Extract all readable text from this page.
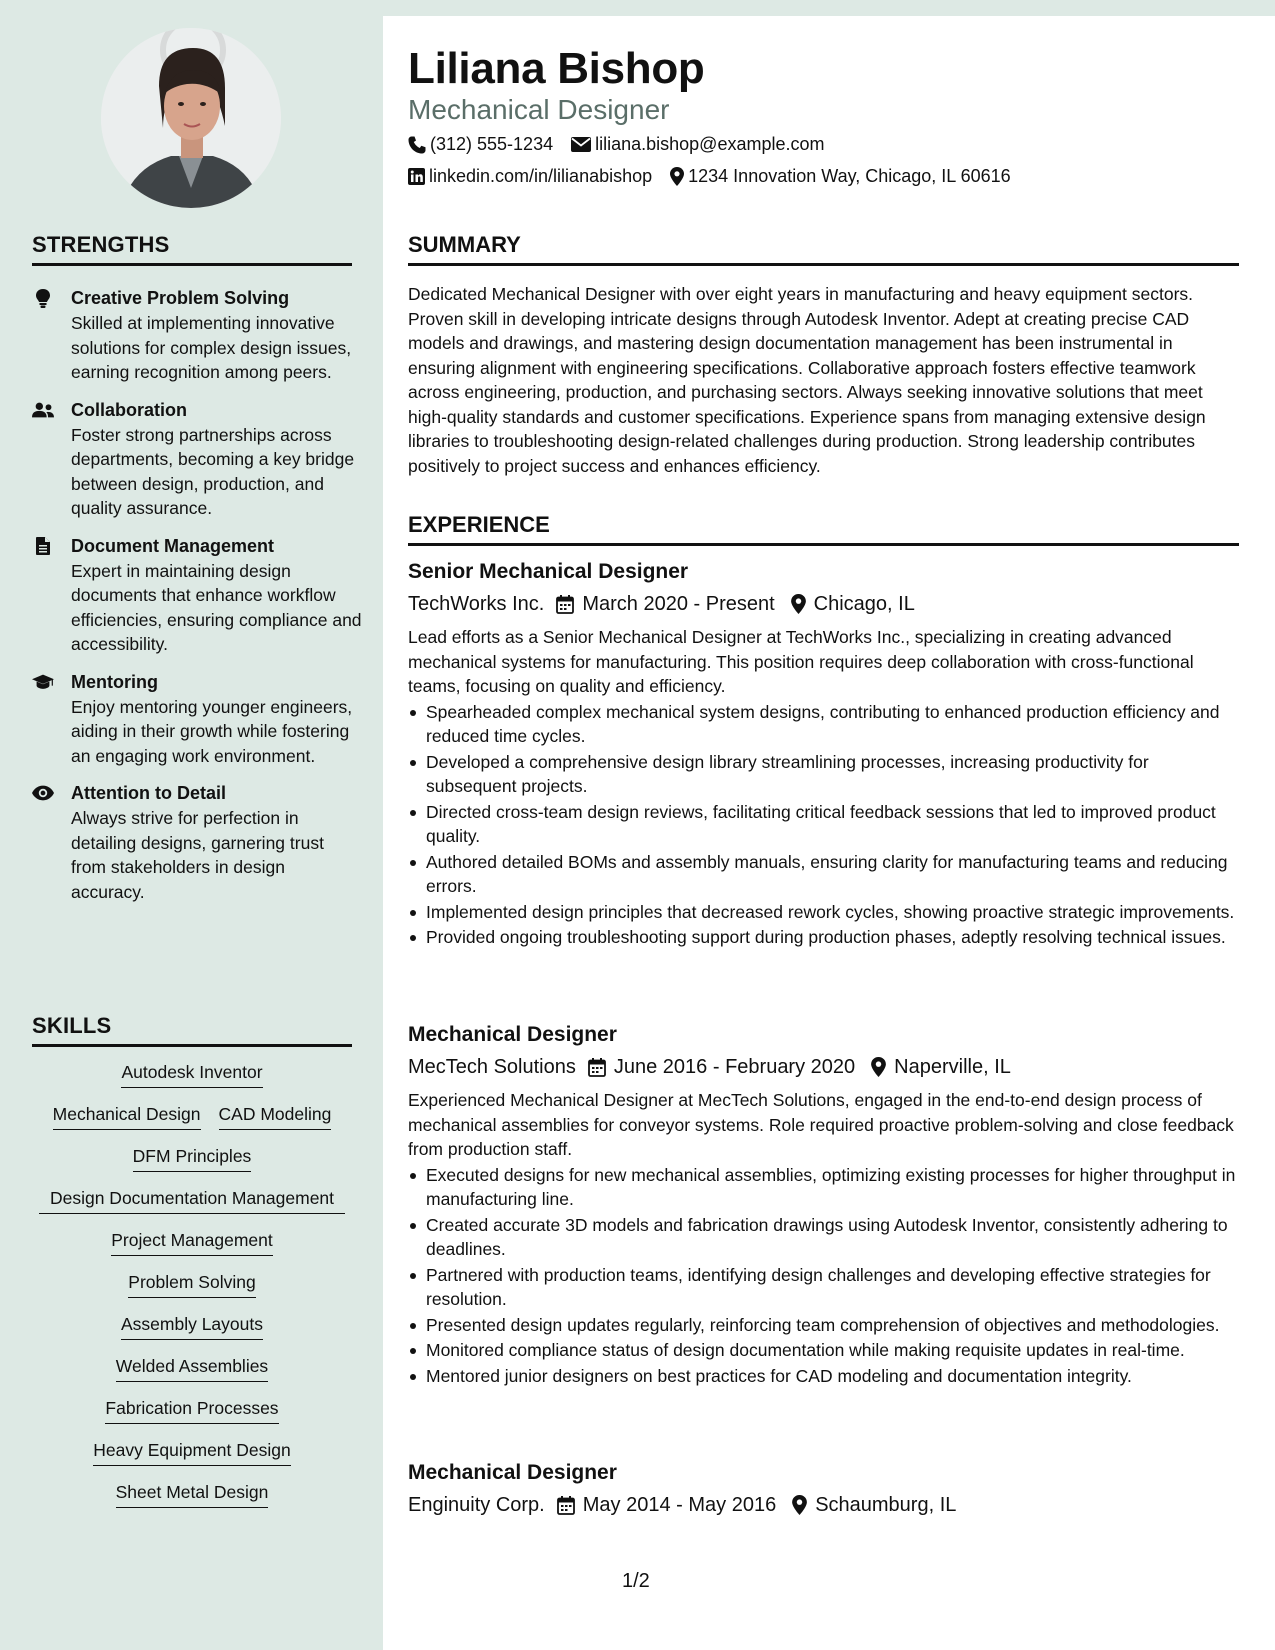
STRENGTHS
Creative Problem Solving
Skilled at implementing innovative solutions for complex design issues, earning recognition among peers.
Collaboration
Foster strong partnerships across departments, becoming a key bridge between design, production, and quality assurance.
Document Management
Expert in maintaining design documents that enhance workflow efficiencies, ensuring compliance and accessibility.
Mentoring
Enjoy mentoring younger engineers, aiding in their growth while fostering an engaging work environment.
Attention to Detail
Always strive for perfection in detailing designs, garnering trust from stakeholders in design accuracy.
SKILLS
Autodesk Inventor
Mechanical Design CAD Modeling
DFM Principles
Design Documentation Management
Project Management
Problem Solving
Assembly Layouts
Welded Assemblies
Fabrication Processes
Heavy Equipment Design
Sheet Metal Design
Liliana Bishop
Mechanical Designer
(312) 555-1234 liliana.bishop@example.com
linkedin.com/in/lilianabishop 1234 Innovation Way, Chicago, IL 60616
SUMMARY
Dedicated Mechanical Designer with over eight years in manufacturing and heavy equipment sectors. Proven skill in developing intricate designs through Autodesk Inventor. Adept at creating precise CAD models and drawings, and mastering design documentation management has been instrumental in ensuring alignment with engineering specifications. Collaborative approach fosters effective teamwork across engineering, production, and purchasing sectors. Always seeking innovative solutions that meet high-quality standards and customer specifications. Experience spans from managing extensive design libraries to troubleshooting design-related challenges during production. Strong leadership contributes positively to project success and enhances efficiency.
EXPERIENCE
Senior Mechanical Designer
TechWorks Inc. March 2020 - Present Chicago, IL
Lead efforts as a Senior Mechanical Designer at TechWorks Inc., specializing in creating advanced mechanical systems for manufacturing. This position requires deep collaboration with cross-functional teams, focusing on quality and efficiency.
Spearheaded complex mechanical system designs, contributing to enhanced production efficiency and reduced time cycles.
Developed a comprehensive design library streamlining processes, increasing productivity for subsequent projects.
Directed cross-team design reviews, facilitating critical feedback sessions that led to improved product quality.
Authored detailed BOMs and assembly manuals, ensuring clarity for manufacturing teams and reducing errors.
Implemented design principles that decreased rework cycles, showing proactive strategic improvements.
Provided ongoing troubleshooting support during production phases, adeptly resolving technical issues.
Mechanical Designer
MecTech Solutions June 2016 - February 2020 Naperville, IL
Experienced Mechanical Designer at MecTech Solutions, engaged in the end-to-end design process of mechanical assemblies for conveyor systems. Role required proactive problem-solving and close feedback from production staff.
Executed designs for new mechanical assemblies, optimizing existing processes for higher throughput in manufacturing line.
Created accurate 3D models and fabrication drawings using Autodesk Inventor, consistently adhering to deadlines.
Partnered with production teams, identifying design challenges and developing effective strategies for resolution.
Presented design updates regularly, reinforcing team comprehension of objectives and methodologies.
Monitored compliance status of design documentation while making requisite updates in real-time.
Mentored junior designers on best practices for CAD modeling and documentation integrity.
Mechanical Designer
Enginuity Corp. May 2014 - May 2016 Schaumburg, IL
1/2
